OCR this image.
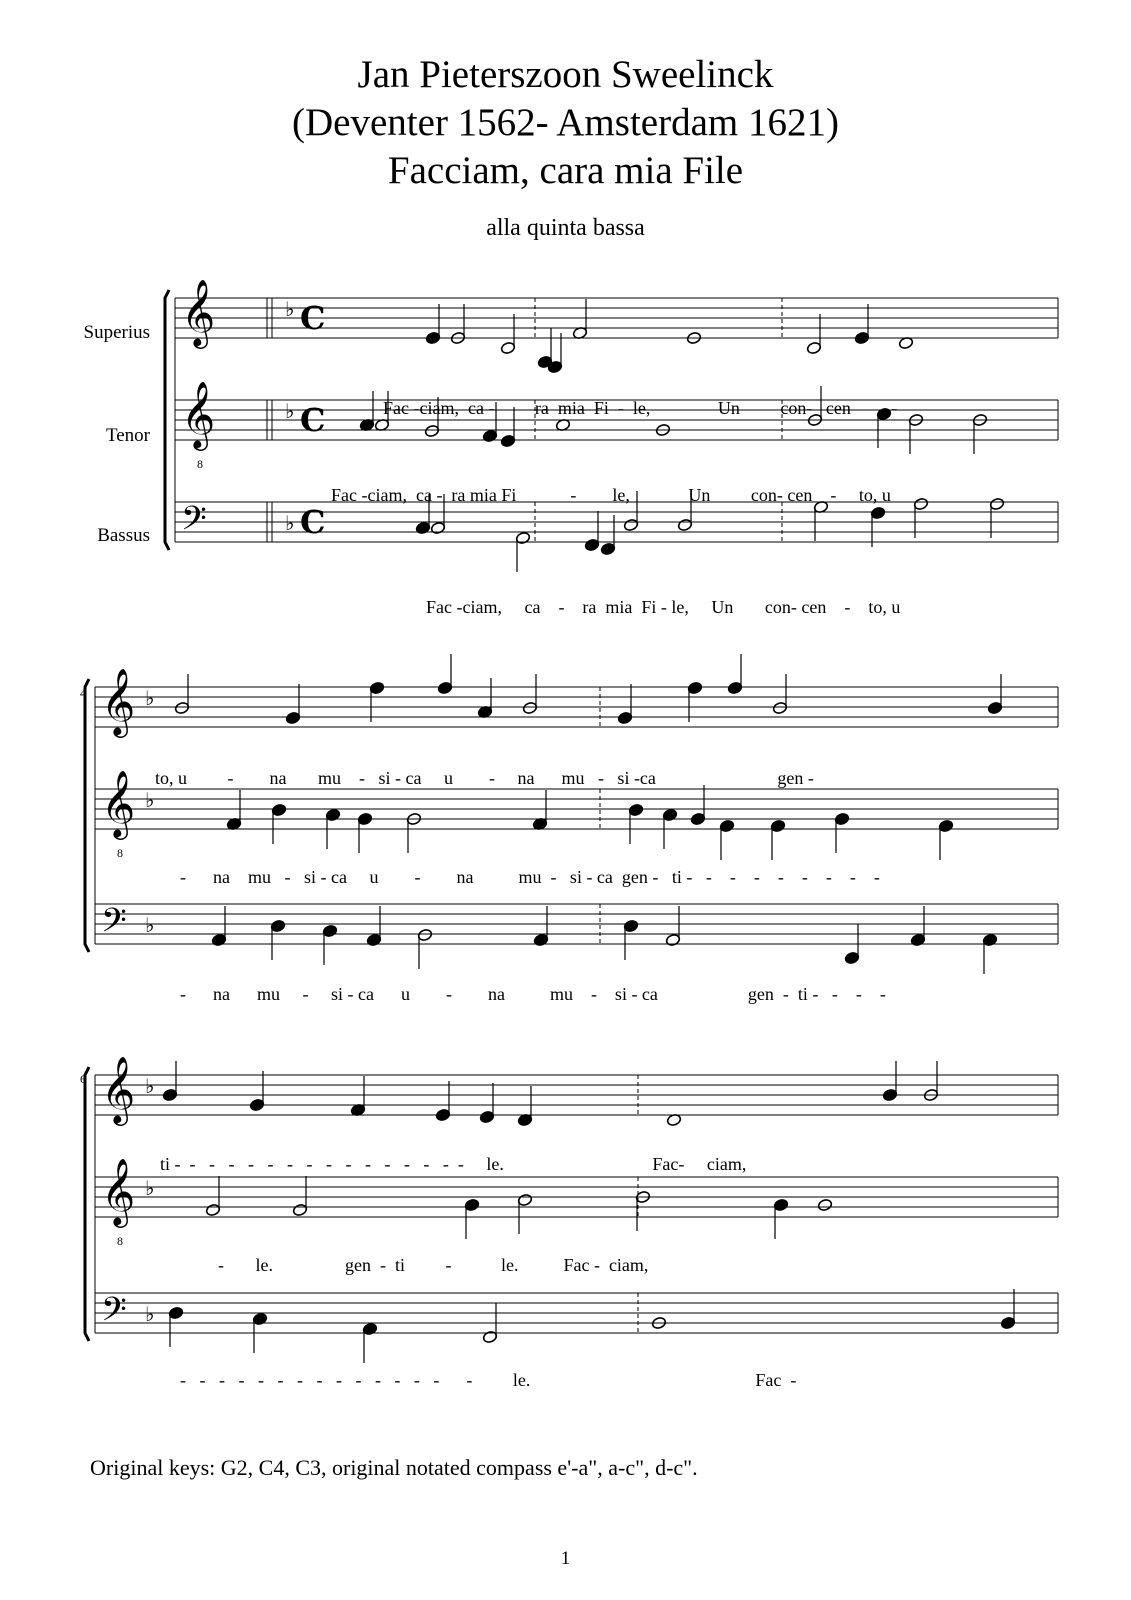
Jan Pieterszoon Sweelinck
(Deventer 1562- Amsterdam 1621)
Facciam, cara mia File
alla quinta bassa
Superius
Tenor
Bassus
4
6
𝄞	♭ C
𝄞
8
♭ C
𝄢	♭ C
𝄞 ♭
𝄞
8
♭
𝄢 ♭
𝄞 ♭
𝄞
8
♭
𝄢 ♭
Fac -ciam,  ca -         ra  mia  Fi  -  le,               Un         con-   cen         -
Fac -ciam,  ca -  ra mia Fi            -        le,             Un         con- cen    -     to, u
Fac -ciam,     ca    -    ra  mia  Fi - le,     Un       con- cen    -    to, u
to, u         -        na       mu    -   si - ca     u        -     na      mu   -   si -ca                           gen -
-      na    mu   -   si - ca     u        -        na          mu  -   si - ca  gen -   ti -   -    -    -    -    -    -    -    -
-      na      mu     -     si - ca      u        -        na          mu    -    si - ca                    gen  -  ti -   -    -    -
ti -  -   -   -   -   -   -   -   -   -   -   -   -   -   -  -     le.                                 Fac-     ciam,
-       le.                gen  -  ti         -           le.          Fac -  ciam,
-   -   -   -   -   -   -   -   -   -   -   -   -   -      -         le.                                                  Fac  -
Original keys: G2, C4, C3, original notated compass e'-a", a-c", d-c".
1
